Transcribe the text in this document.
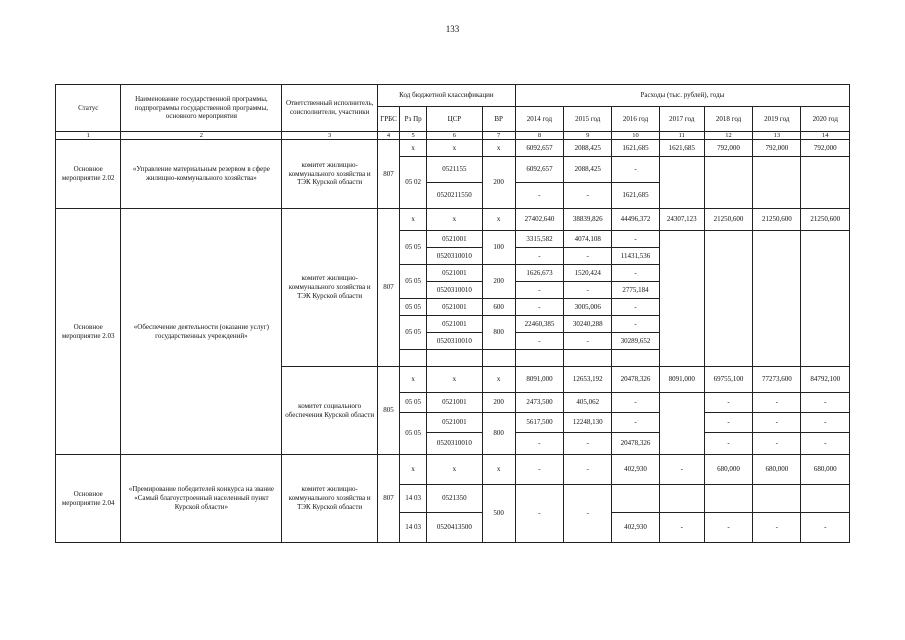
133
Статус	Наименование государственной программы, подпрограммы государственной программы, основного мероприятия	Ответственный исполнитель, соисполнители, участники	Код бюджетной классификации				Расходы (тыс. рублей), годы						
			ГРБС	Рз Пр	ЦСР	ВР	2014 год	2015 год	2016 год	2017 год	2018 год	2019 год	2020 год
1	2	3	4	5	6	7	8	9	10	11	12	13	14
Основное мероприятие 2.02	«Управление материальным резервом в сфере жилищно-коммунального хозяйства»	комитет жилищно-коммунального хозяйства и ТЭК Курской области	807	x	x	x	6092,657	2088,425	1621,685	1621,685	792,000	792,000	792,000
				05 02	0521155	200	6092,657	2088,425	-				
					0520211550		-	-	1621,685				
Основное мероприятие 2.03	«Обеспечение деятельности (оказание услуг) государственных учреждений»	комитет жилищно-коммунального хозяйства и ТЭК Курской области	807	x	x	x	27402,640	38839,826	44496,372	24307,123	21250,600	21250,600	21250,600
				05 05	0521001	100	3315,582	4074,108	-				
					0520310010		-	-	11431,536				
				05 05	0521001	200	1626,673	1520,424	-				
					0520310010		-	-	2775,184				
				05 05	0521001	600	-	3005,006	-				
				05 05	0521001	800	22460,385	30240,288	-				
					0520310010		-	-	30289,652				

		комитет социального обеспечения Курской области	805	x	x	x	8091,000	12653,192	20478,326	8091,000	69755,100	77273,600	84792,100
				05 05	0521001	200	2473,500	405,062	-		-	-	-
				05 05	0521001	800	5617,500	12248,130	-		-	-	-
					0520310010		-	-	20478,326		-	-	-
Основное мероприятие 2.04	«Премирование победителей конкурса на звание «Самый благоустроенный населенный пункт Курской области»	комитет жилищно-коммунального хозяйства и ТЭК Курской области	807	x	x	x	-	-	402,930	-	680,000	680,000	680,000
				14 03	0521350	500	-	-					
				14 03	0520413500				402,930	-	-	-	-
